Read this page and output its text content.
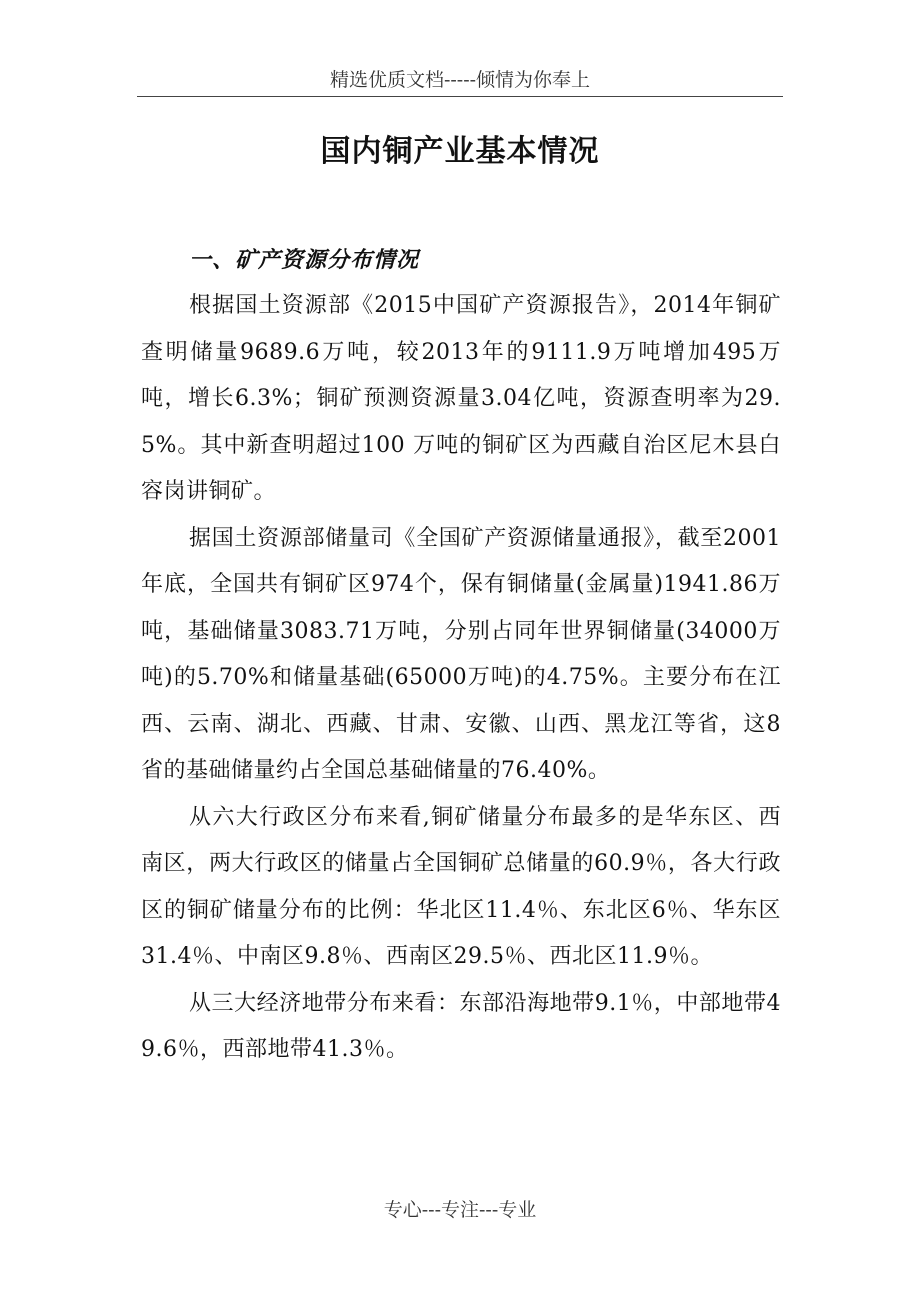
精选优质文档-----倾情为你奉上
国内铜产业基本情况
一、矿产资源分布情况

根据国土资源部《2015中国矿产资源报告》，2014年铜矿查明储量9689.6万吨，较2013年的9111.9万吨增加495万吨，增长6.3%；铜矿预测资源量3.04亿吨，资源查明率为29.5%。其中新查明超过100 万吨的铜矿区为西藏自治区尼木县白容岗讲铜矿。

据国土资源部储量司《全国矿产资源储量通报》，截至2001年底，全国共有铜矿区974个，保有铜储量(金属量)1941.86万吨，基础储量3083.71万吨，分别占同年世界铜储量(34000万吨)的5.70%和储量基础(65000万吨)的4.75%。主要分布在江西、云南、湖北、西藏、甘肃、安徽、山西、黑龙江等省，这8省的基础储量约占全国总基础储量的76.40%。

从六大行政区分布来看,铜矿储量分布最多的是华东区、西南区，两大行政区的储量占全国铜矿总储量的60.9％，各大行政区的铜矿储量分布的比例：华北区11.4％、东北区6％、华东区31.4％、中南区9.8％、西南区29.5％、西北区11.9％。

从三大经济地带分布来看：东部沿海地带9.1％，中部地带49.6％，西部地带41.3％。

专心---专注---专业
